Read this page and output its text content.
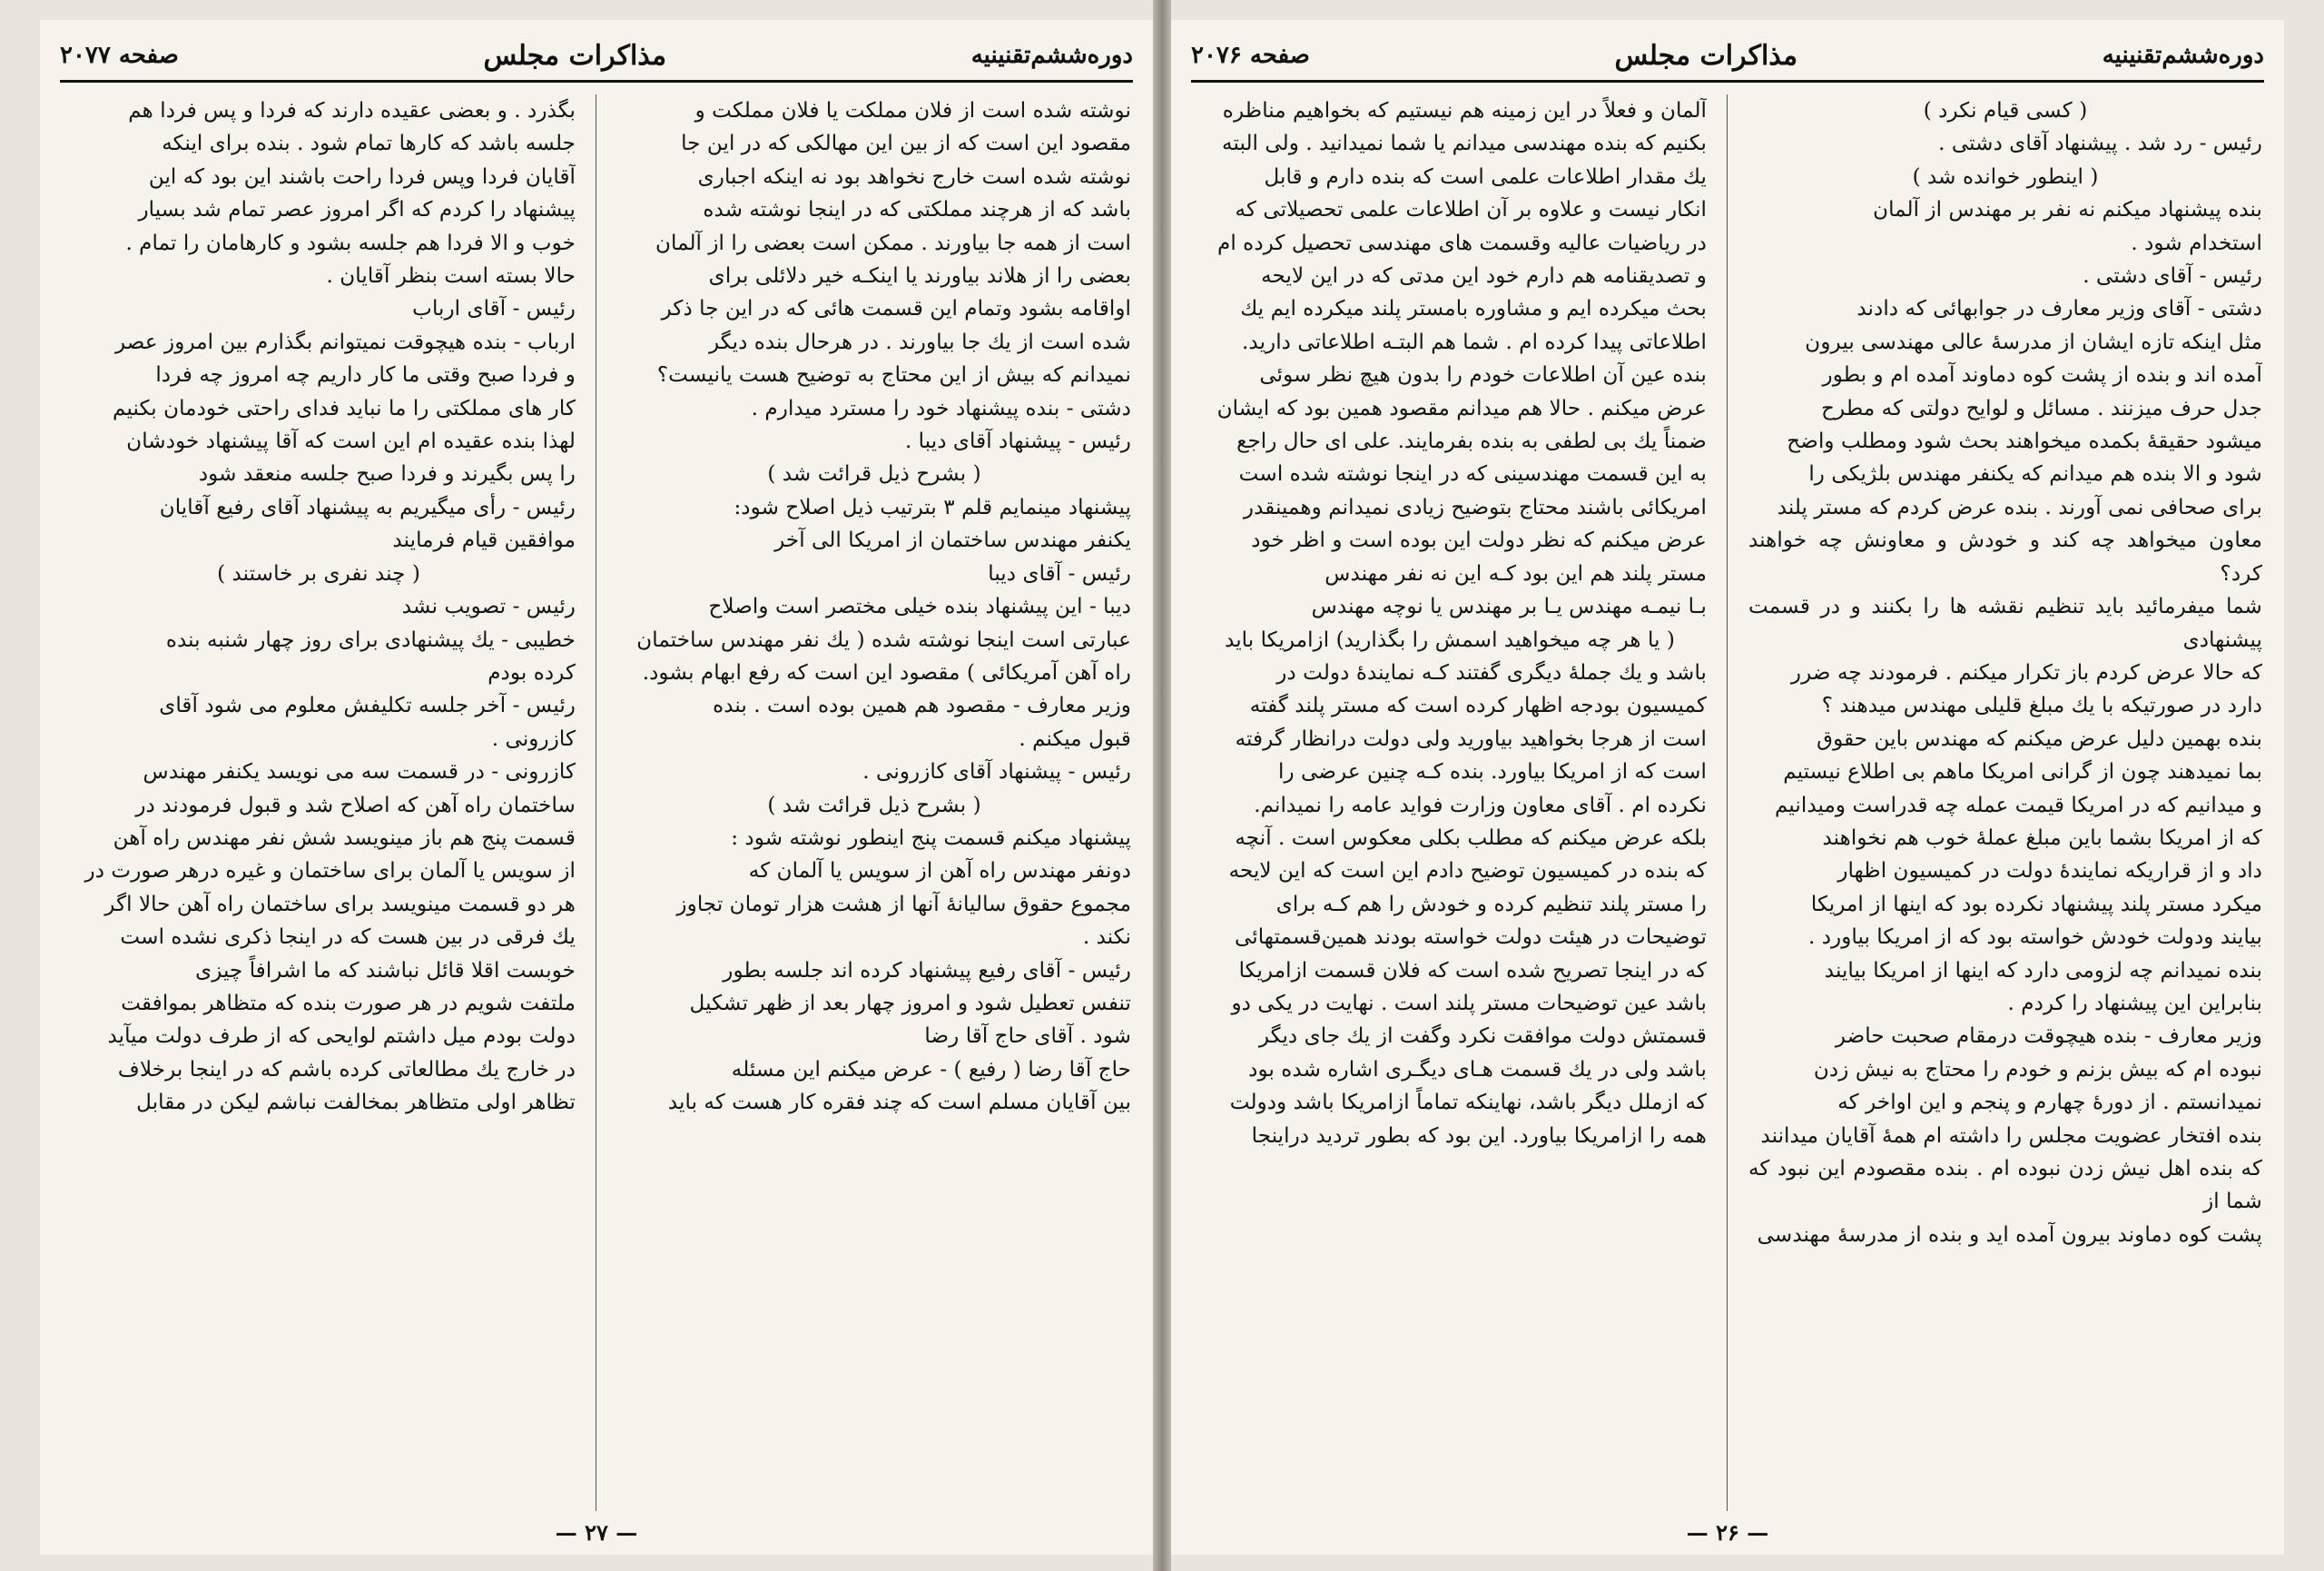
دوره‌ششم‌تقنینیه
مذاکرات مجلس
صفحه ۲۰۷۷

نوشته شده است از فلان مملکت یا فلان مملکت و

مقصود این است که از بین این مهالکی که در این جا

نوشته شده است خارج نخواهد بود نه اینکه اجباری

باشد که از هرچند مملکتی که در اینجا نوشته شده

است از همه جا بیاورند . ممکن است بعضی را از آلمان

بعضی را از هلاند بیاورند یا اینکـه خیر دلائلی برای

اواقامه بشود وتمام این قسمت هائی که در این جا ذکر

شده است از یك جا بیاورند . در هرحال بنده دیگر

نمیدانم که بیش از این محتاج به توضیح هست یانیست؟

دشتی - بنده پیشنهاد خود را مسترد میدارم .

رئیس - پیشنهاد آقای دیبا .

( بشرح ذیل قرائت شد )

پیشنهاد مینمایم قلم ۳ بترتیب ذیل اصلاح شود:

یکنفر مهندس ساختمان از امریکا الی آخر

رئیس - آقای دیبا

دیبا - این پیشنهاد بنده خیلی مختصر است واصلاح

عبارتی است اینجا نوشته شده ( یك نفر مهندس ساختمان

راه آهن آمریکائی ) مقصود این است که رفع ابهام بشود.

وزیر معارف - مقصود هم همین بوده است . بنده

قبول میکنم .

رئیس - پیشنهاد آقای کازرونی .

( بشرح ذیل قرائت شد )

پیشنهاد میکنم قسمت پنج اینطور نوشته شود :

دونفر مهندس راه آهن از سویس یا آلمان که

مجموع حقوق سالیانهٔ آنها از هشت هزار تومان تجاوز

نکند .

رئیس - آقای رفیع پیشنهاد کرده اند جلسه بطور

تنفس تعطیل شود و امروز چهار بعد از ظهر تشکیل

شود . آقای حاج آقا رضا

حاج آقا رضا ( رفیع ) - عرض میکنم این مسئله

بین آقایان مسلم است که چند فقره کار هست که باید

بگذرد . و بعضی عقیده دارند که فردا و پس فردا هم

جلسه باشد که کارها تمام شود . بنده برای اینکه

آقایان فردا وپس فردا راحت باشند این بود که این

پیشنهاد را کردم که اگر امروز عصر تمام شد بسیار

خوب و الا فردا هم جلسه بشود و کارهامان را تمام .

حالا بسته است بنظر آقایان .

رئیس - آقای ارباب

ارباب - بنده هیچوقت نمیتوانم بگذارم بین امروز عصر

و فردا صبح وقتی ما کار داریم چه امروز چه فردا

کار های مملکتی را ما نباید فدای راحتی خودمان بکنیم

لهذا بنده عقیده ام این است که آقا پیشنهاد خودشان

را پس بگیرند و فردا صبح جلسه منعقد شود

رئیس - رأی میگیریم به پیشنهاد آقای رفیع آقایان

موافقین قیام فرمایند

( چند نفری بر خاستند )

رئیس - تصویب نشد

خطیبی - یك پیشنهادی برای روز چهار شنبه بنده

کرده بودم

رئیس - آخر جلسه تکلیفش معلوم می شود آقای

کازرونی .

کازرونی - در قسمت سه می نویسد یکنفر مهندس

ساختمان راه آهن که اصلاح شد و قبول فرمودند در

قسمت پنج هم باز مینویسد شش نفر مهندس راه آهن

از سویس یا آلمان برای ساختمان و غیره درهر صورت در

هر دو قسمت مینویسد برای ساختمان راه آهن حالا اگر

یك فرقی در بین هست که در اینجا ذکری نشده است

خوبست اقلا قائل نباشند که ما اشرافاً چیزی

ملتفت شویم در هر صورت بنده که متظاهر بموافقت

دولت بودم میل داشتم لوایحی که از طرف دولت میآید

در خارج یك مطالعاتی کرده باشم که در اینجا برخلاف

تظاهر اولی متظاهر بمخالفت نباشم لیکن در مقابل

— ۲۷ —
دوره‌ششم‌تقنینیه
مذاکرات مجلس
صفحه ۲۰۷۶

( کسی قیام نکرد )

رئیس - رد شد . پیشنهاد آقای دشتی .

( اینطور خوانده شد )

بنده پیشنهاد میکنم نه نفر بر مهندس از آلمان

استخدام شود .

رئیس - آقای دشتی .

دشتی - آقای وزیر معارف در جوابهائی که دادند

مثل اینکه تازه ایشان از مدرسهٔ عالی مهندسی بیرون

آمده اند و بنده از پشت کوه دماوند آمده ام و بطور

جدل حرف میزنند . مسائل و لوایح دولتی که مطرح

میشود حقیقهٔ بکمده میخواهند بحث شود ومطلب واضح

شود و الا بنده هم میدانم که یکنفر مهندس بلژیکی را

برای صحافی نمی آورند . بنده عرض کردم که مستر پلند

معاون میخواهد چه کند و خودش و معاونش چه خواهند کرد؟

شما میفرمائید باید تنظیم نقشه ها را بکنند و در قسمت پیشنهادی

که حالا عرض کردم باز تکرار میکنم . فرمودند چه ضرر

دارد در صورتیکه با یك مبلغ قلیلی مهندس میدهند ؟

بنده بهمین دلیل عرض میکنم که مهندس باین حقوق

بما نمیدهند چون از گرانی امریکا ماهم بی اطلاع نیستیم

و میدانیم که در امریکا قیمت عمله چه قدراست ومیدانیم

که از امریکا بشما باین مبلغ عملهٔ خوب هم نخواهند

داد و از قراریکه نمایندهٔ دولت در کمیسیون اظهار

میکرد مستر پلند پیشنهاد نکرده بود که اینها از امریکا

بیایند ودولت خودش خواسته بود که از امریکا بیاورد .

بنده نمیدانم چه لزومی دارد که اینها از امریکا بیایند

بنابراین این پیشنهاد را کردم .

وزیر معارف - بنده هیچوقت درمقام صحبت حاضر

نبوده ام که بیش بزنم و خودم را محتاج به نیش زدن

نمیدانستم . از دورهٔ چهارم و پنجم و این اواخر که

بنده افتخار عضویت مجلس را داشته ام همهٔ آقایان میدانند

که بنده اهل نیش زدن نبوده ام . بنده مقصودم این نبود که شما از

پشت کوه دماوند بیرون آمده اید و بنده از مدرسهٔ مهندسی

آلمان و فعلاً در این زمینه هم نیستیم که بخواهیم مناظره

بکنیم که بنده مهندسی میدانم یا شما نمیدانید . ولی البته

یك مقدار اطلاعات علمی است که بنده دارم و قابل

انکار نیست و علاوه بر آن اطلاعات علمی تحصیلاتی که

در ریاضیات عالیه وقسمت های مهندسی تحصیل کرده ام

و تصدیقنامه هم دارم خود این مدتی که در این لایحه

بحث میکرده ایم و مشاوره بامستر پلند میکرده ایم یك

اطلاعاتی پیدا کرده ام . شما هم البتـه اطلاعاتی دارید.

بنده عین آن اطلاعات خودم را بدون هیچ نظر سوئی

عرض میکنم . حالا هم میدانم مقصود همین بود که ایشان

ضمناً یك بی لطفی به بنده بفرمایند. علی ای حال راجع

به این قسمت مهندسینی که در اینجا نوشته شده است

امریکائی باشند محتاج بتوضیح زیادی نمیدانم وهمینقدر

عرض میکنم که نظر دولت این بوده است و اظر خود

مستر پلند هم این بود کـه این نه نفر مهندس

بـا نیمـه مهندس یـا بر مهندس یا نوچه مهندس

( یا هر چه میخواهید اسمش را بگذارید) ازامریکا باید

باشد و یك جملهٔ دیگری گفتند کـه نمایندهٔ دولت در

کمیسیون بودجه اظهار کرده است که مستر پلند گفته

است از هرجا بخواهید بیاورید ولی دولت درانظار گرفته

است که از امریکا بیاورد. بنده کـه چنین عرضی را

نکرده ام . آقای معاون وزارت فواید عامه را نمیدانم.

بلکه عرض میکنم که مطلب بکلی معکوس است . آنچه

که بنده در کمیسیون توضیح دادم این است که این لایحه

را مستر پلند تنظیم کرده و خودش را هم کـه برای

توضیحات در هیئت دولت خواسته بودند همین‌قسمتهائی

که در اینجا تصریح شده است که فلان قسمت ازامریکا

باشد عین توضیحات مستر پلند است . نهایت در یکی دو

قسمتش دولت موافقت نکرد وگفت از یك جای دیگر

باشد ولی در یك قسمت هـای دیگـری اشاره شده بود

که ازملل دیگر باشد، نهاینکه تماماً ازامریکا باشد ودولت

همه را ازامریکا بیاورد. این بود که بطور تردید دراینجا

— ۲۶ —
